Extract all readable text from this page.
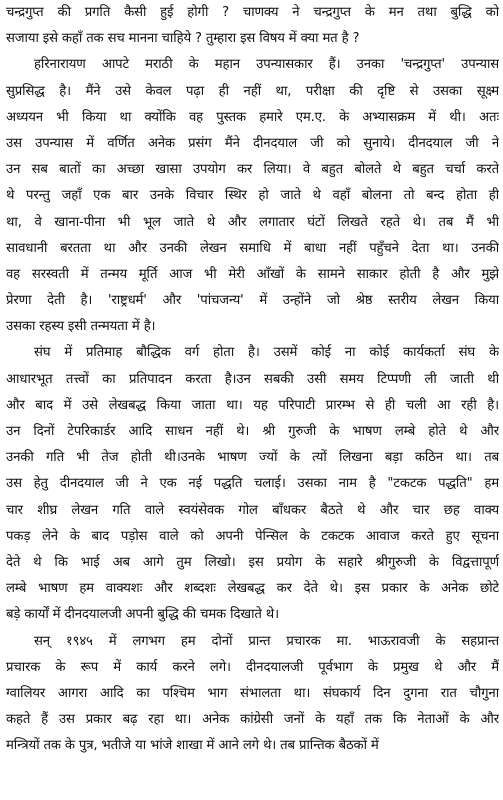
चन्द्रगुप्त की प्रगति कैसी हुई होगी ? चाणक्य ने चन्द्रगुप्त के मन तथा बुद्धि को
सजाया इसे कहाँ तक सच मानना चाहिये ? तुम्हारा इस विषय में क्या मत है ?
हरिनारायण आपटे मराठी के महान उपन्यासकार हैं। उनका 'चन्द्रगुप्त' उपन्यास
सुप्रसिद्ध है। मैंने उसे केवल पढ़ा ही नहीं था, परीक्षा की दृष्टि से उसका सूक्ष्म
अध्ययन भी किया था क्योंकि वह पुस्तक हमारे एम.ए. के अभ्यासक्रम में थी। अतः
उस उपन्यास में वर्णित अनेक प्रसंग मैंने दीनदयाल जी को सुनाये। दीनदयाल जी ने
उन सब बातों का अच्छा खासा उपयोग कर लिया। वे बहुत बोलते थे बहुत चर्चा करते
थे परन्तु जहाँ एक बार उनके विचार स्थिर हो जाते थे वहाँ बोलना तो बन्द होता ही
था, वे खाना-पीना भी भूल जाते थे और लगातार घंटों लिखते रहते थे। तब मैं भी
सावधानी बरतता था और उनकी लेखन समाधि में बाधा नहीं पहुँचने देता था। उनकी
वह सरस्वती में तन्मय मूर्ति आज भी मेरी आँखों के सामने साकार होती है और मुझे
प्रेरणा देती है। 'राष्ट्रधर्म' और 'पांचजन्य' में उन्होंने जो श्रेष्ठ स्तरीय लेखन किया
उसका रहस्य इसी तन्मयता में है।
संघ में प्रतिमाह बौद्धिक वर्ग होता है। उसमें कोई ना कोई कार्यकर्ता संघ के
आधारभूत तत्त्वों का प्रतिपादन करता है।उन सबकी उसी समय टिप्पणी ली जाती थी
और बाद में उसे लेखबद्ध किया जाता था। यह परिपाटी प्रारम्भ से ही चली आ रही है।
उन दिनों टेपरिकार्डर आदि साधन नहीं थे। श्री गुरुजी के भाषण लम्बे होते थे और
उनकी गति भी तेज होती थी।उनके भाषण ज्यों के त्यों लिखना बड़ा कठिन था। तब
उस हेतु दीनदयाल जी ने एक नई पद्धति चलाई। उसका नाम है "टकटक पद्धति" हम
चार शीघ्र लेखन गति वाले स्वयंसेवक गोल बाँधकर बैठते थे और चार छह वाक्य
पकड़ लेने के बाद पड़ोस वाले को अपनी पेन्सिल के टकटक आवाज करते हुए सूचना
देते थे कि भाई अब आगे तुम लिखो। इस प्रयोग के सहारे श्रीगुरुजी के विद्वत्तापूर्ण
लम्बे भाषण हम वाक्यशः और शब्दशः लेखबद्ध कर देते थे। इस प्रकार के अनेक छोटे
बड़े कार्यों में दीनदयालजी अपनी बुद्धि की चमक दिखाते थे।
सन् १९४५ में लगभग हम दोनों प्रान्त प्रचारक मा. भाऊरावजी के सहप्रान्त
प्रचारक के रूप में कार्य करने लगे। दीनदयालजी पूर्वभाग के प्रमुख थे और मैं
ग्वालियर आगरा आदि का पश्चिम भाग संभालता था। संघकार्य दिन दुगना रात चौगुना
कहते हैं उस प्रकार बढ़ रहा था। अनेक कांग्रेसी जनों के यहाँ तक कि नेताओं के और
मन्त्रियों तक के पुत्र, भतीजे या भांजे शाखा में आने लगे थे। तब प्रान्तिक बैठकों में
